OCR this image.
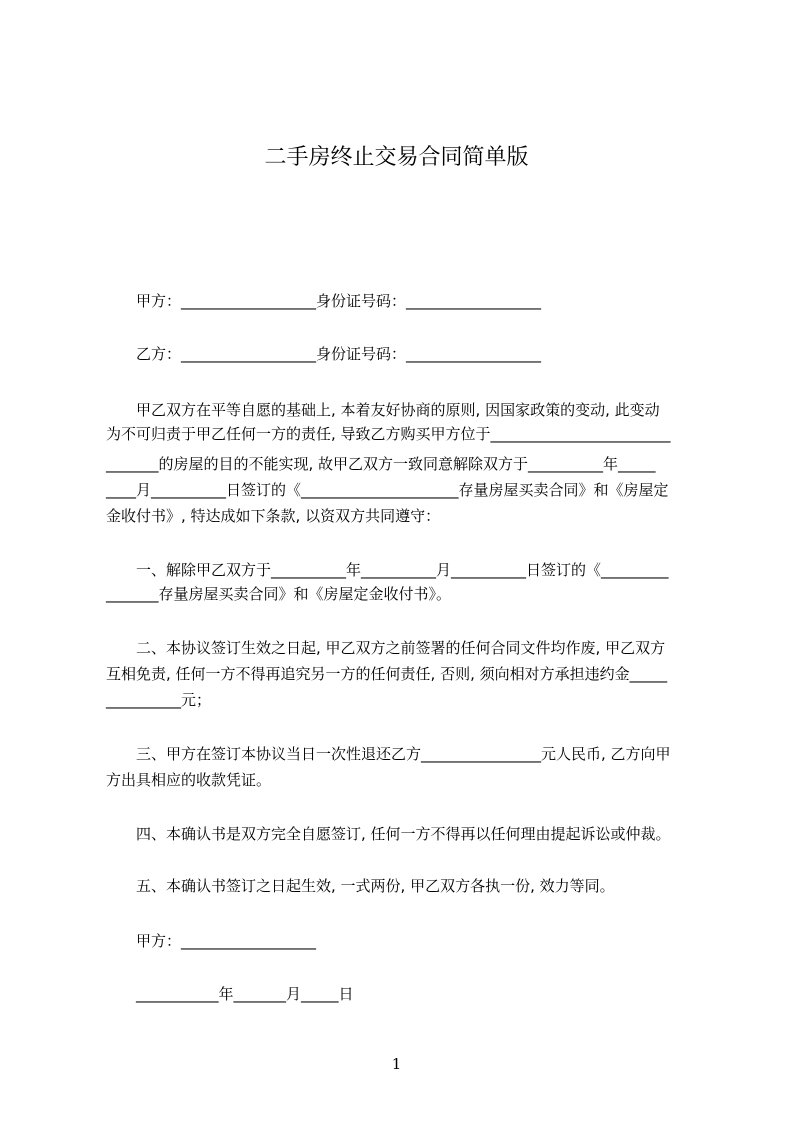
二手房终止交易合同简单版
甲方：__________________身份证号码：__________________
乙方：__________________身份证号码：__________________
甲乙双方在平等自愿的基础上, 本着友好协商的原则, 因国家政策的变动, 此变动
为不可归责于甲乙任何一方的责任, 导致乙方购买甲方位于________________________
_______的房屋的目的不能实现, 故甲乙双方一致同意解除双方于__________年_____
____月__________日签订的《_____________________存量房屋买卖合同》和《房屋定
金收付书》, 特达成如下条款, 以资双方共同遵守：
一、解除甲乙双方于__________年__________月__________日签订的《_________
_______存量房屋买卖合同》和《房屋定金收付书》。
二、本协议签订生效之日起, 甲乙双方之前签署的任何合同文件均作废, 甲乙双方
互相免责, 任何一方不得再追究另一方的任何责任, 否则, 须向相对方承担违约金_____
__________元；
三、甲方在签订本协议当日一次性退还乙方________________元人民币, 乙方向甲
方出具相应的收款凭证。
四、本确认书是双方完全自愿签订, 任何一方不得再以任何理由提起诉讼或仲裁。
五、本确认书签订之日起生效, 一式两份, 甲乙双方各执一份, 效力等同。
甲方：__________________
___________年_______月_____日
1
